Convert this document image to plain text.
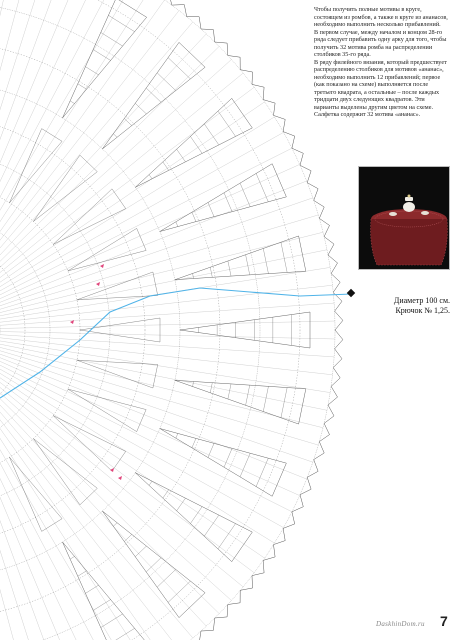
Чтобы получить полные мотивы в круге, состоящем из ромбов, а также в круге из ананасов, необходимо выполнить несколько прибавлений.

В первом случае, между началом и концом 28-го ряда следует прибавить одну арку для того, чтобы получить 32 мотива ромба на распределении столбиков 35-го ряда.

В ряду филейного вязания, который предшествует распределению столбиков для мотивов «ананас», необходимо выполнить 12 прибавлений; первое (как показано на схеме) выполняется после третьего квадрата, а остальные – после каждых тридцати двух следующих квадратов. Эти варианты выделены другим цветом на схеме. Салфетка содержит 32 мотива «ананас».

Диаметр 100 см.
Крючок № 1,25.
DaskhinDom.ru 7
